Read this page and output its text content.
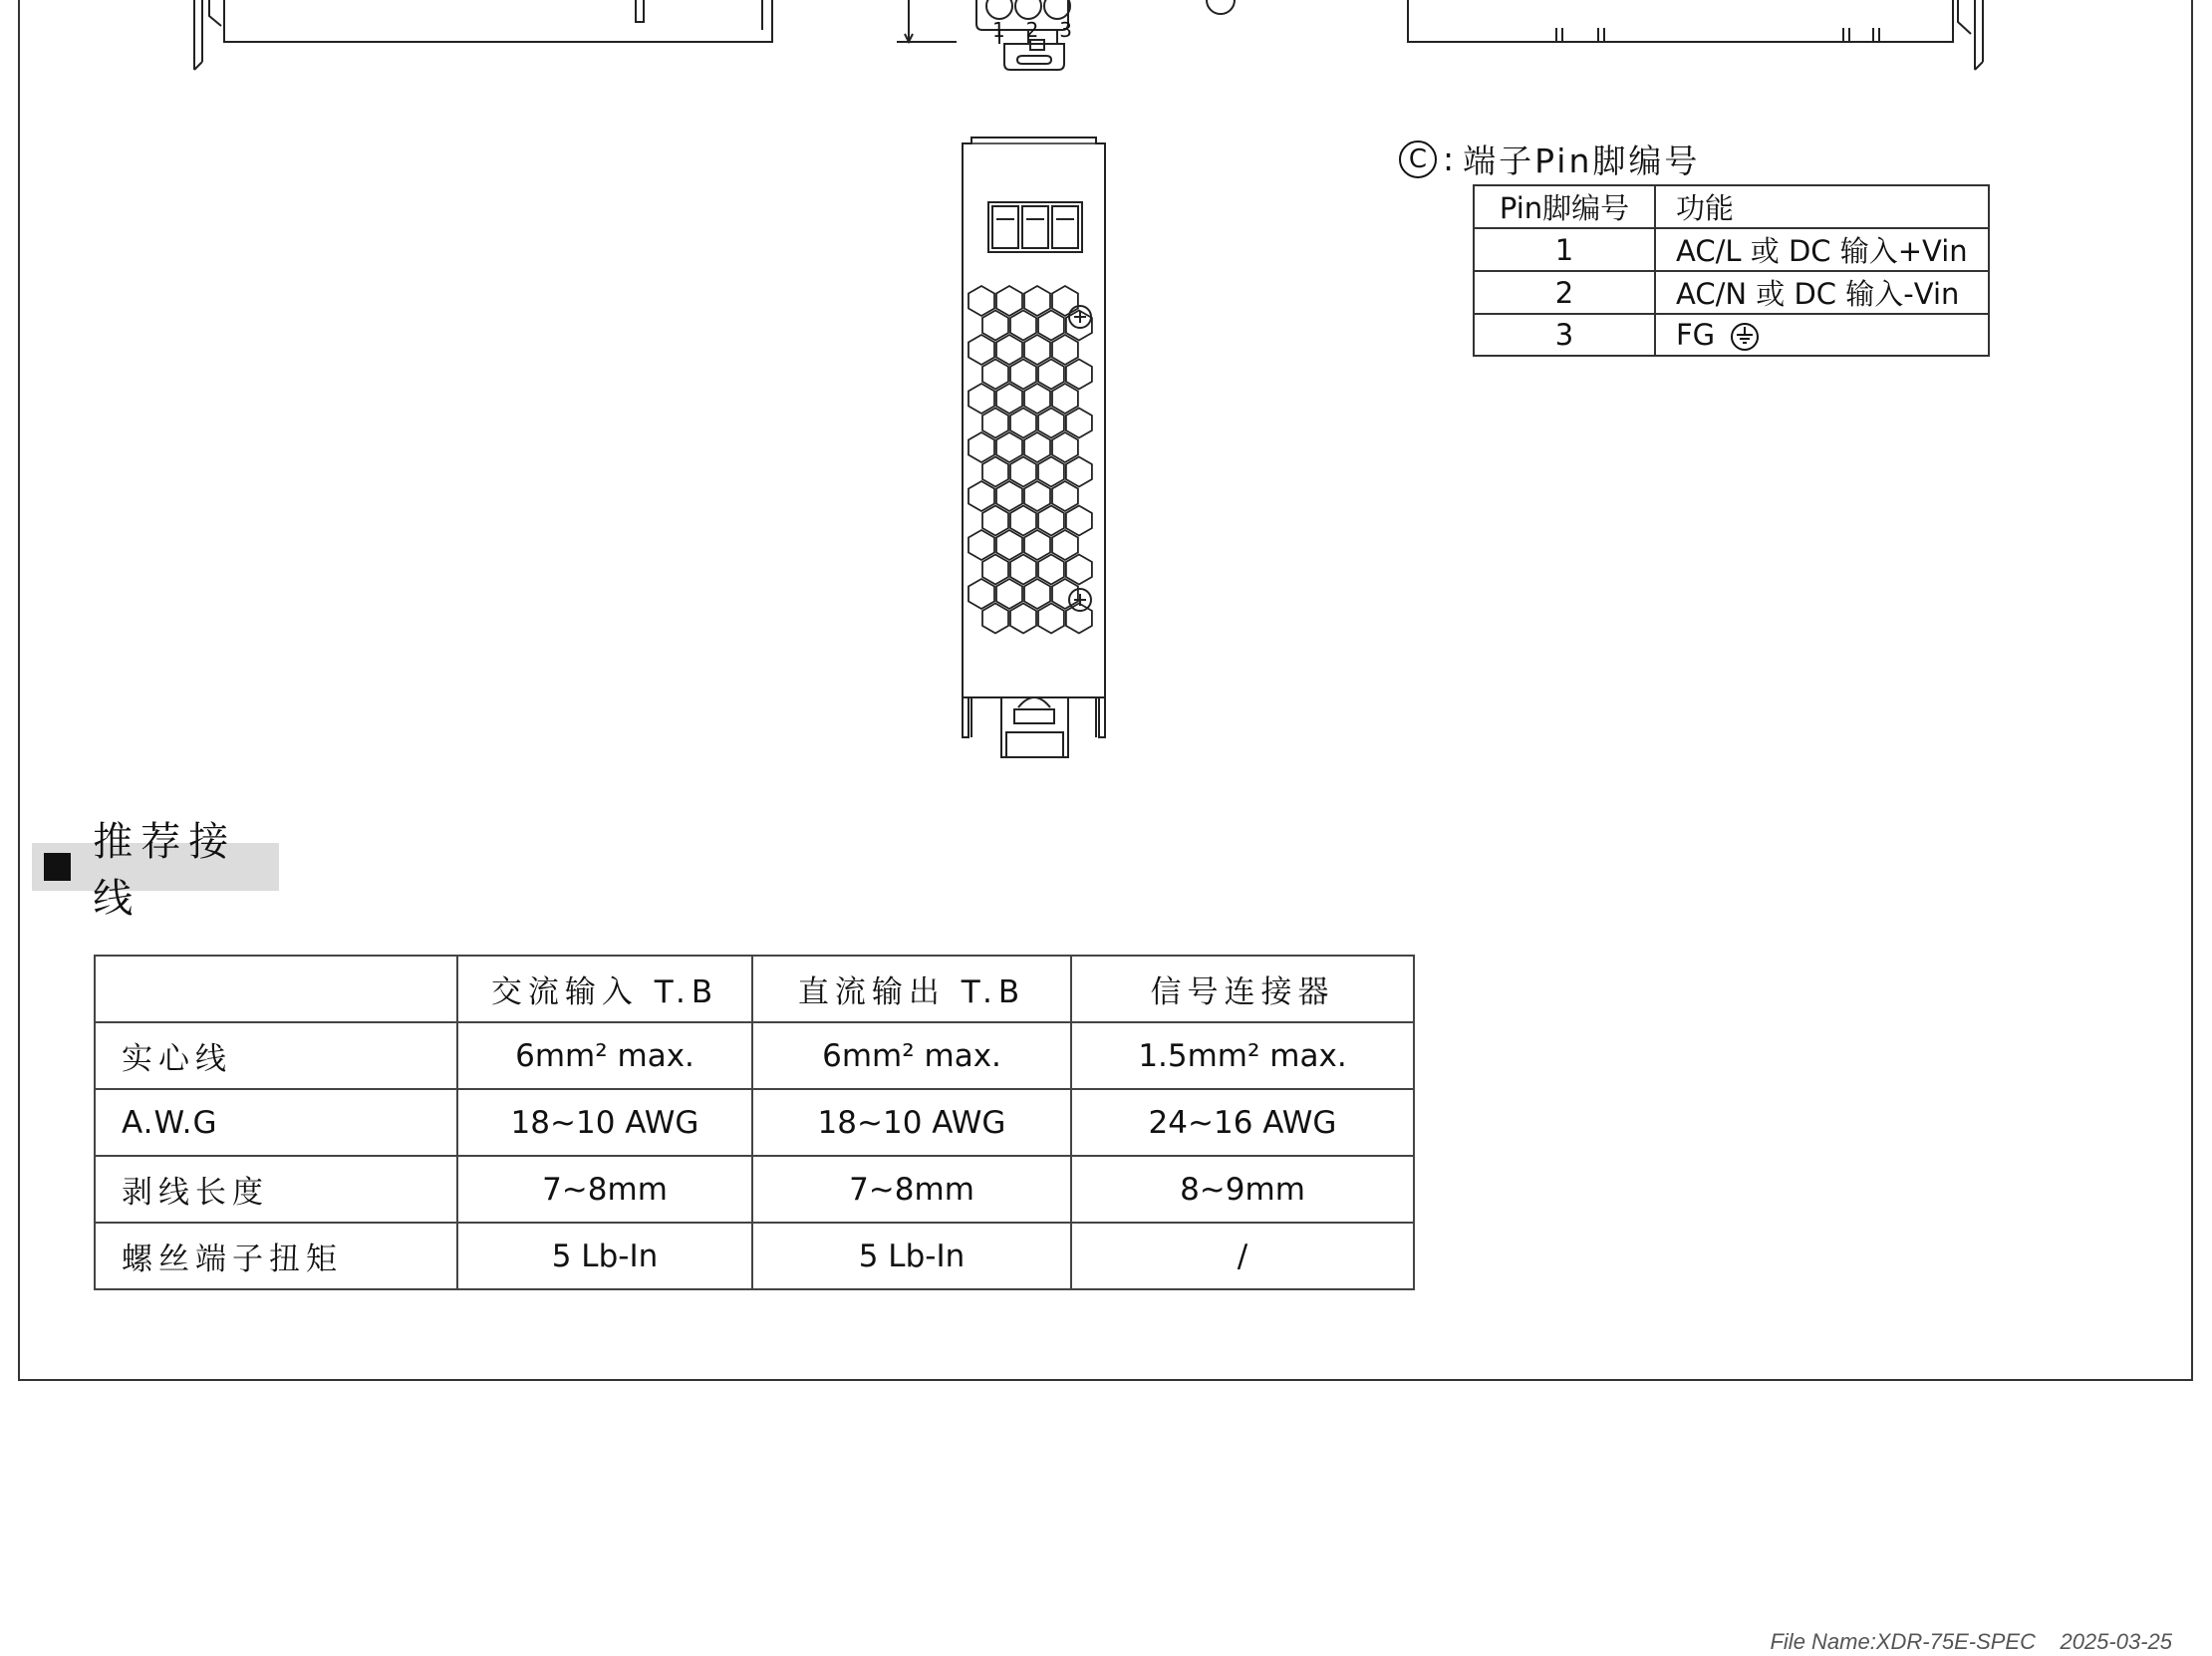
C : 端子Pin脚编号
Pin脚编号	功能
1	AC/L 或 DC 输入+Vin
2	AC/N 或 DC 输入-Vin
3	FG
推荐接线
	交流输入 T.B	直流输出 T.B	信号连接器
实心线	6mm² max.	6mm² max.	1.5mm² max.
A.W.G	18~10 AWG	18~10 AWG	24~16 AWG
剥线长度	7~8mm	7~8mm	8~9mm
螺丝端子扭矩	5 Lb-In	5 Lb-In	/
File Name:XDR-75E-SPEC 2025-03-25
1 2 3
